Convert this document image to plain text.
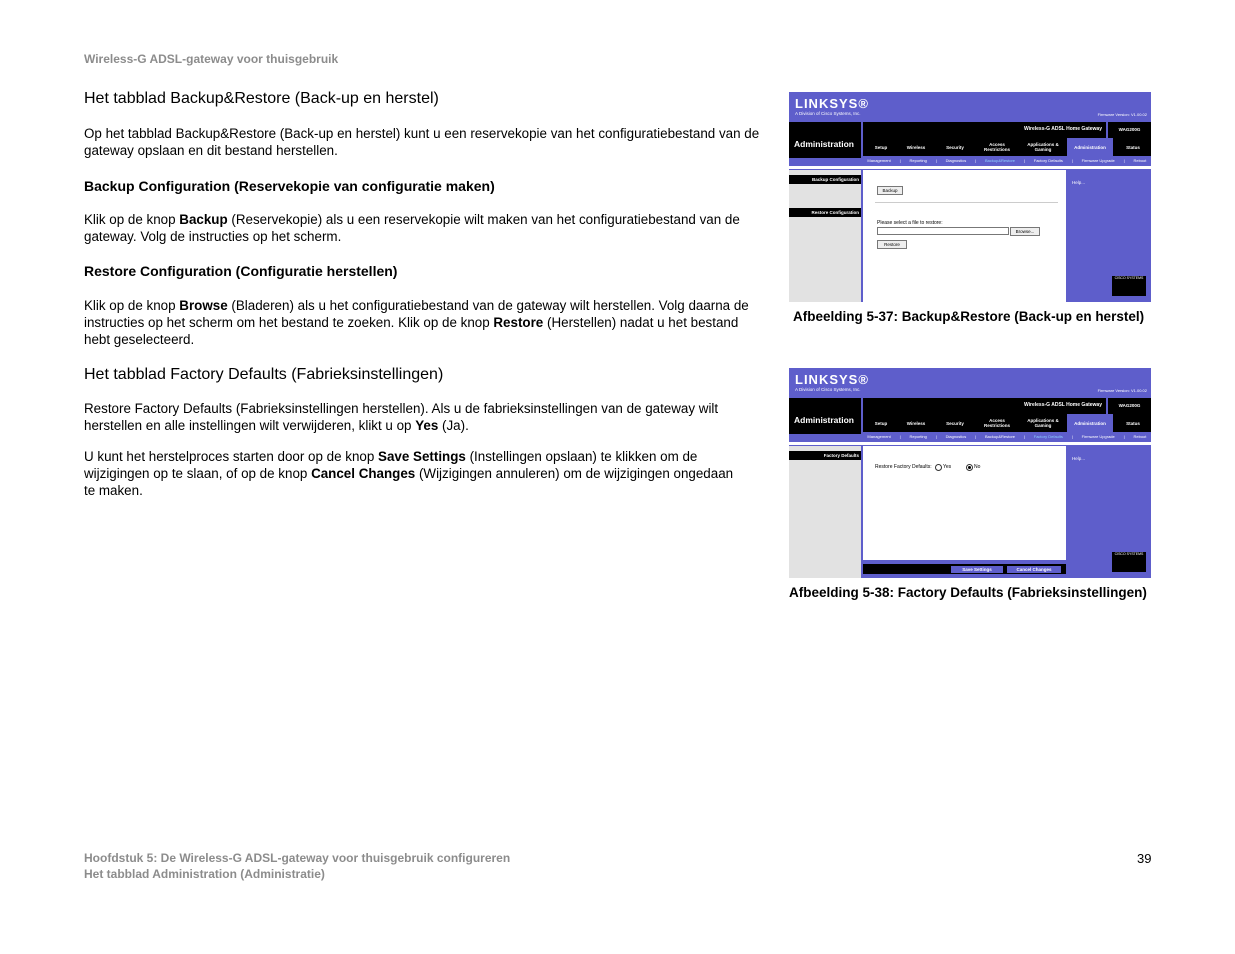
Wireless-G ADSL-gateway voor thuisgebruik
Het tabblad Backup&Restore (Back-up en herstel)
Op het tabblad Backup&Restore (Back-up en herstel) kunt u een reservekopie van het configuratiebestand van de gateway opslaan en dit bestand herstellen.
Backup Configuration (Reservekopie van configuratie maken)
Klik op de knop Backup (Reservekopie) als u een reservekopie wilt maken van het configuratiebestand van de gateway. Volg de instructies op het scherm.
Restore Configuration (Configuratie herstellen)
Klik op de knop Browse (Bladeren) als u het configuratiebestand van de gateway wilt herstellen. Volg daarna de instructies op het scherm om het bestand te zoeken. Klik op de knop Restore (Herstellen) nadat u het bestand hebt geselecteerd.
Het tabblad Factory Defaults (Fabrieksinstellingen)
Restore Factory Defaults (Fabrieksinstellingen herstellen). Als u de fabrieksinstellingen van de gateway wilt herstellen en alle instellingen wilt verwijderen, klikt u op Yes (Ja).
U kunt het herstelproces starten door op de knop Save Settings (Instellingen opslaan) te klikken om de wijzigingen op te slaan, of op de knop Cancel Changes (Wijzigingen annuleren) om de wijzigingen ongedaan te maken.
LINKSYS®
A Division of Cisco Systems, Inc.	Firmware Version: V1.00.02
Administration
Wireless-G ADSL Home Gateway	WAG200G
Setup	Wireless	Security	Access Restrictions
Applications & Gaming	Administration	Status
Management | Reporting | Diagnostics | Backup&Restore | Factory Defaults | Firmware Upgrade | Reboot
Backup Configuration
Restore Configuration
Backup
Please select a file to restore:
Browse...
Restore
Help...
CISCO SYSTEMS
Afbeelding 5-37: Backup&Restore (Back-up en herstel)
LINKSYS®
A Division of Cisco Systems, Inc.	Firmware Version: V1.00.02
Administration
Wireless-G ADSL Home Gateway	WAG200G
Setup	Wireless	Security	Access Restrictions
Applications & Gaming	Administration	Status
Management | Reporting | Diagnostics | Backup&Restore | Factory Defaults | Firmware Upgrade | Reboot
Factory Defaults
Restore Factory Defaults: Yes	No
Save Settings	Cancel Changes
Help...
CISCO SYSTEMS
Afbeelding 5-38: Factory Defaults (Fabrieksinstellingen)
Hoofdstuk 5: De Wireless-G ADSL-gateway voor thuisgebruik configureren
Het tabblad Administration (Administratie)
39
